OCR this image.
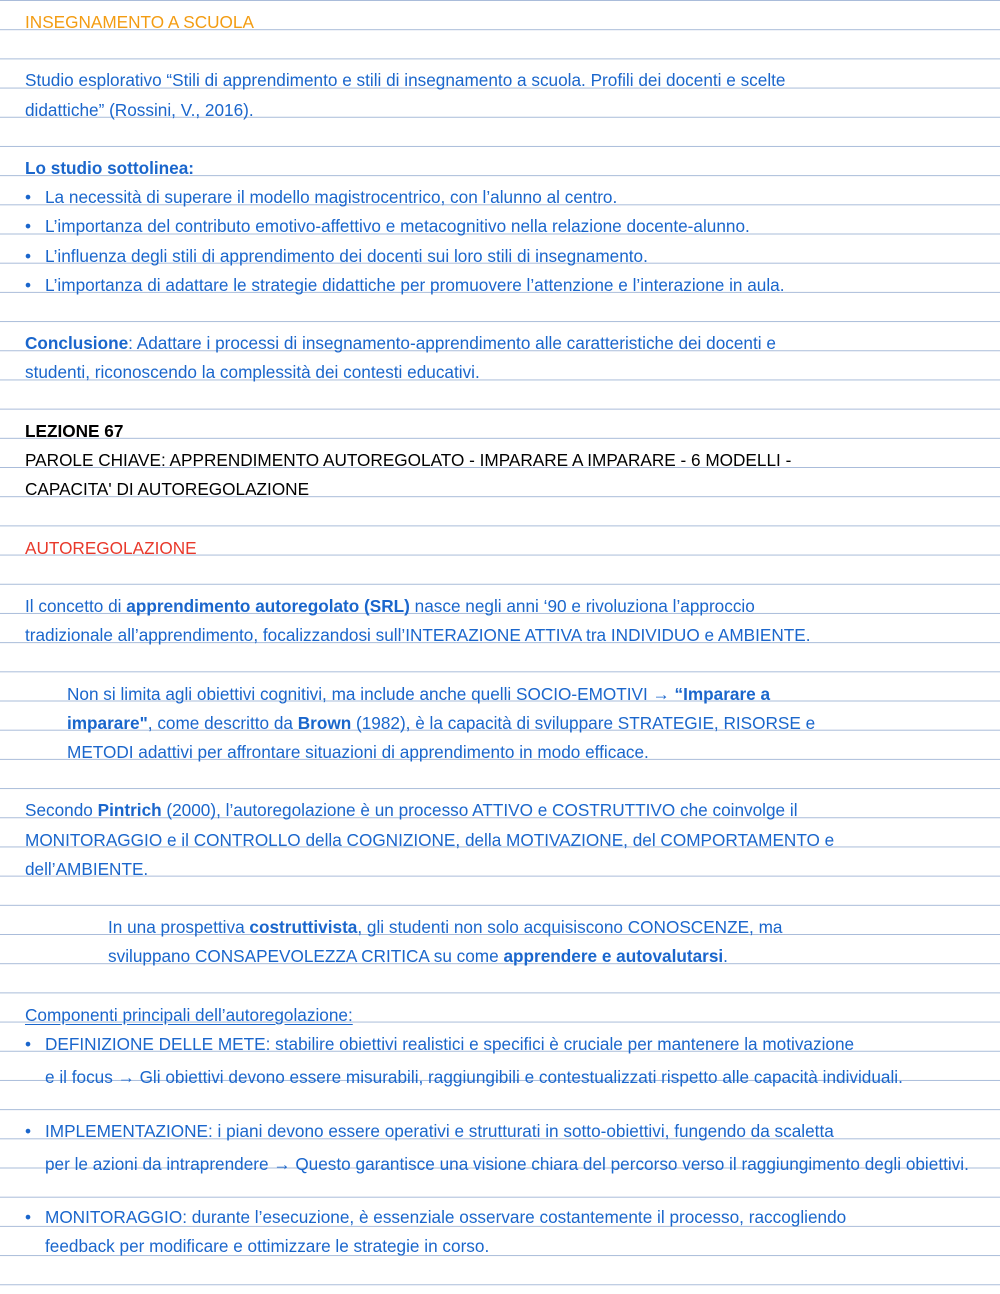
INSEGNAMENTO A SCUOLA
Studio esplorativo “Stili di apprendimento e stili di insegnamento a scuola. Profili dei docenti e scelte
didattiche” (Rossini, V., 2016).
Lo studio sottolinea:
• La necessità di superare il modello magistrocentrico, con l’alunno al centro.
• L’importanza del contributo emotivo-affettivo e metacognitivo nella relazione docente-alunno.
• L’influenza degli stili di apprendimento dei docenti sui loro stili di insegnamento.
• L’importanza di adattare le strategie didattiche per promuovere l’attenzione e l’interazione in aula.
Conclusione: Adattare i processi di insegnamento-apprendimento alle caratteristiche dei docenti e
studenti, riconoscendo la complessità dei contesti educativi.
LEZIONE 67
PAROLE CHIAVE: APPRENDIMENTO AUTOREGOLATO - IMPARARE A IMPARARE - 6 MODELLI -
CAPACITA' DI AUTOREGOLAZIONE
AUTOREGOLAZIONE
Il concetto di apprendimento autoregolato (SRL) nasce negli anni ‘90 e rivoluziona l’approccio
tradizionale all’apprendimento, focalizzandosi sull’INTERAZIONE ATTIVA tra INDIVIDUO e AMBIENTE.
Non si limita agli obiettivi cognitivi, ma include anche quelli SOCIO-EMOTIVI → “Imparare a
imparare", come descritto da Brown (1982), è la capacità di sviluppare STRATEGIE, RISORSE e
METODI adattivi per affrontare situazioni di apprendimento in modo efficace.
Secondo Pintrich (2000), l’autoregolazione è un processo ATTIVO e COSTRUTTIVO che coinvolge il
MONITORAGGIO e il CONTROLLO della COGNIZIONE, della MOTIVAZIONE, del COMPORTAMENTO e
dell’AMBIENTE.
In una prospettiva costruttivista, gli studenti non solo acquisiscono CONOSCENZE, ma
sviluppano CONSAPEVOLEZZA CRITICA su come apprendere e autovalutarsi.
Componenti principali dell’autoregolazione:
• DEFINIZIONE DELLE METE: stabilire obiettivi realistici e specifici è cruciale per mantenere la motivazione
e il focus → Gli obiettivi devono essere misurabili, raggiungibili e contestualizzati rispetto alle capacità individuali.
• IMPLEMENTAZIONE: i piani devono essere operativi e strutturati in sotto-obiettivi, fungendo da scaletta
per le azioni da intraprendere → Questo garantisce una visione chiara del percorso verso il raggiungimento degli obiettivi.
• MONITORAGGIO: durante l’esecuzione, è essenziale osservare costantemente il processo, raccogliendo
feedback per modificare e ottimizzare le strategie in corso.
